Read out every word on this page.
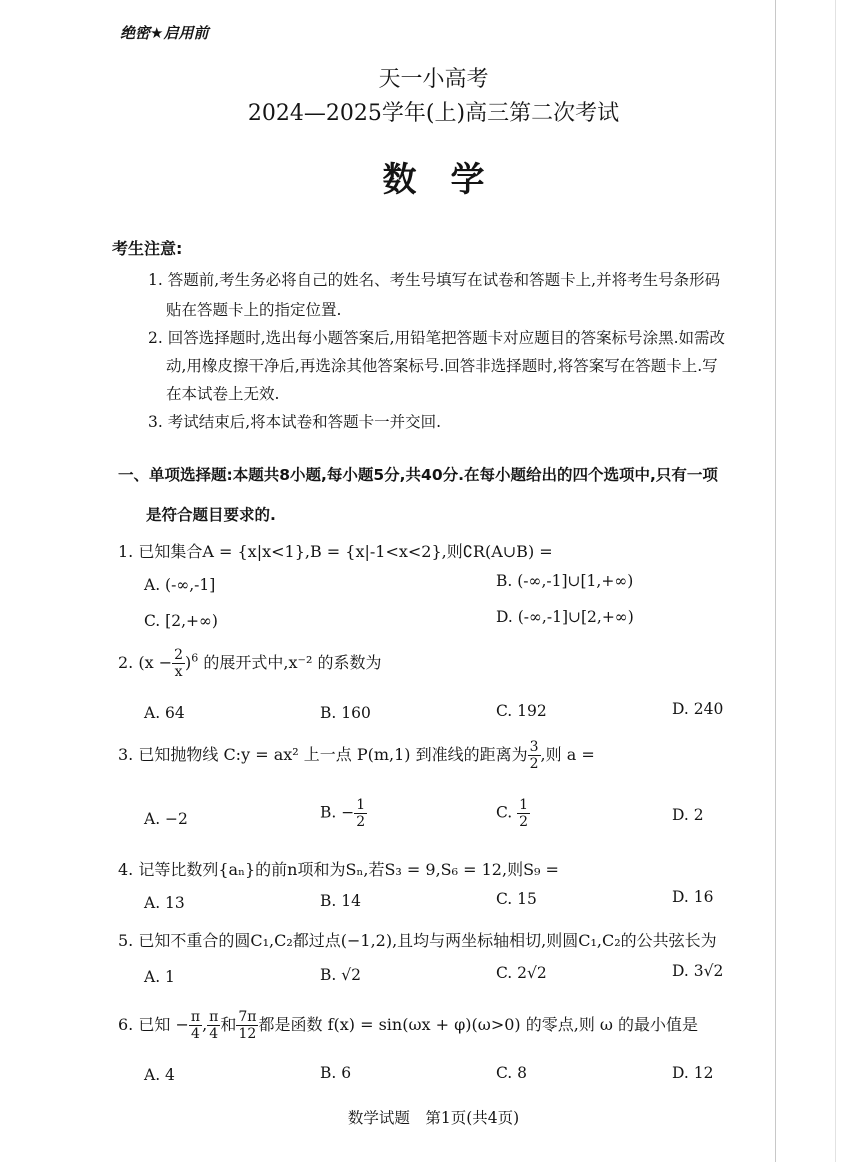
绝密★启用前
天一小高考
2024—2025学年(上)高三第二次考试
数学
考生注意:
1. 答题前,考生务必将自己的姓名、考生号填写在试卷和答题卡上,并将考生号条形码
贴在答题卡上的指定位置.
2. 回答选择题时,选出每小题答案后,用铅笔把答题卡对应题目的答案标号涂黑.如需改
动,用橡皮擦干净后,再选涂其他答案标号.回答非选择题时,将答案写在答题卡上.写
在本试卷上无效.
3. 考试结束后,将本试卷和答题卡一并交回.
一、单项选择题:本题共8小题,每小题5分,共40分.在每小题给出的四个选项中,只有一项
是符合题目要求的.
1. 已知集合A = {x|x<1},B = {x|-1<x<2},则∁R(A∪B) =
A. (-∞,-1]	B. (-∞,-1]∪[1,+∞)
C. [2,+∞)	D. (-∞,-1]∪[2,+∞)
2. $(x - \frac{2}{x} )^6$ 的展开式中,x⁻² 的系数为
A. 64	B. 160	C. 192	D. 240
3. 已知抛物线 C:y = ax² 上一点 P(m,1) 到准线的距离为 $\frac{3}{2}$ ,则 a =
A. −2	B. − $\frac{1}{2}$	C. $\frac{1}{2}$	D. 2
4. 记等比数列{aₙ}的前n项和为Sₙ,若S₃ = 9,S₆ = 12,则S₉ =
A. 13	B. 14	C. 15	D. 16
5. 已知不重合的圆C₁,C₂都过点(−1,2),且均与两坐标轴相切,则圆C₁,C₂的公共弦长为
A. 1	B. √2	C. 2√2	D. 3√2
6. 已知 − $\frac{\pi}{4}$ , $\frac{\pi}{4}$ 和 $\frac{7\pi}{12}$ 都是函数 f(x) = sin(ωx + φ)(ω>0) 的零点,则 ω 的最小值是
A. 4	B. 6	C. 8	D. 12
数学试题　第1页(共4页)
